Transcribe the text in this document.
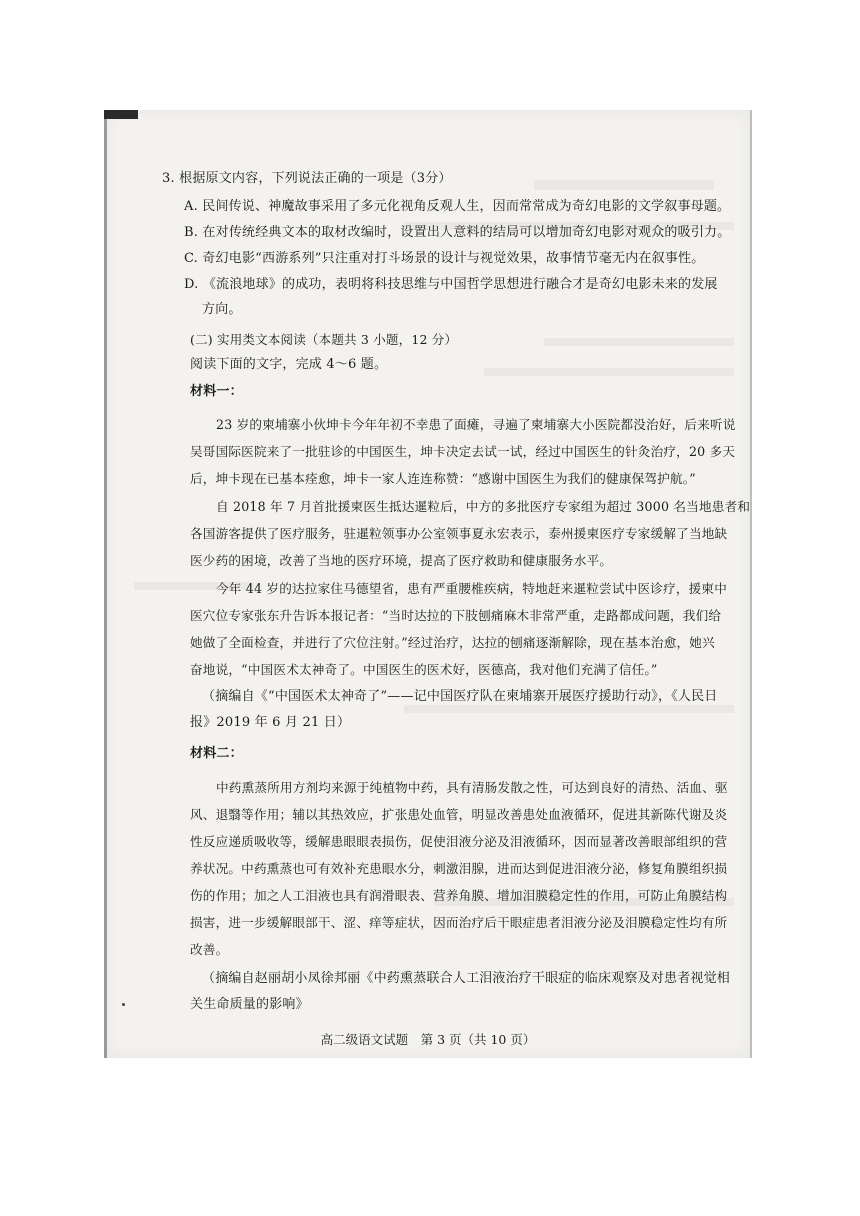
3. 根据原文内容，下列说法正确的一项是（3分）
A. 民间传说、神魔故事采用了多元化视角反观人生，因而常常成为奇幻电影的文学叙事母题。
B. 在对传统经典文本的取材改编时，设置出人意料的结局可以增加奇幻电影对观众的吸引力。
C. 奇幻电影“西游系列”只注重对打斗场景的设计与视觉效果，故事情节毫无内在叙事性。
D. 《流浪地球》的成功，表明将科技思维与中国哲学思想进行融合才是奇幻电影未来的发展
方向。
(二) 实用类文本阅读（本题共 3 小题，12 分）
阅读下面的文字，完成 4～6 题。
材料一：
23 岁的柬埔寨小伙坤卡今年年初不幸患了面瘫，寻遍了柬埔寨大小医院都没治好，后来听说
吴哥国际医院来了一批驻诊的中国医生，坤卡决定去试一试，经过中国医生的针灸治疗，20 多天
后，坤卡现在已基本痊愈，坤卡一家人连连称赞：“感谢中国医生为我们的健康保驾护航。”
自 2018 年 7 月首批援柬医生抵达暹粒后，中方的多批医疗专家组为超过 3000 名当地患者和
各国游客提供了医疗服务，驻暹粒领事办公室领事夏永宏表示，泰州援柬医疗专家缓解了当地缺
医少药的困境，改善了当地的医疗环境，提高了医疗救助和健康服务水平。
今年 44 岁的达拉家住马德望省，患有严重腰椎疾病，特地赶来暹粒尝试中医诊疗，援柬中
医穴位专家张东升告诉本报记者：“当时达拉的下肢刨痛麻木非常严重，走路都成问题，我们给
她做了全面检查，并进行了穴位注射。”经过治疗，达拉的刨痛逐渐解除，现在基本治愈，她兴
奋地说，“中国医术太神奇了。中国医生的医术好，医德高，我对他们充满了信任。”
（摘编自《“中国医术太神奇了”——记中国医疗队在柬埔寨开展医疗援助行动》，《人民日
报》2019 年 6 月 21 日）
材料二：
中药熏蒸所用方剂均来源于纯植物中药，具有清肠发散之性，可达到良好的清热、活血、驱
风、退翳等作用；辅以其热效应，扩张患处血管，明显改善患处血液循环，促进其新陈代谢及炎
性反应递质吸收等，缓解患眼眼表损伤，促使泪液分泌及泪液循环，因而显著改善眼部组织的营
养状况。中药熏蒸也可有效补充患眼水分，刺激泪腺，进而达到促进泪液分泌，修复角膜组织损
伤的作用；加之人工泪液也具有润滑眼表、营养角膜、增加泪膜稳定性的作用，可防止角膜结构
损害，进一步缓解眼部干、涩、痒等症状，因而治疗后干眼症患者泪液分泌及泪膜稳定性均有所
改善。
（摘编自赵丽胡小凤徐邦丽《中药熏蒸联合人工泪液治疗干眼症的临床观察及对患者视觉相
关生命质量的影响》
高二级语文试题　第 3 页（共 10 页）
